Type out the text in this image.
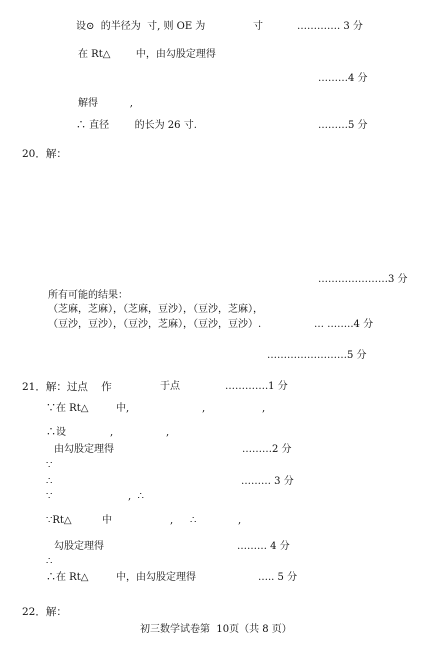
设⊙  的半径为  寸, 则 OE 为	寸	…………. 3 分
在 Rt△        中，由勾股定理得
………4 分
解得          ,
∴ 直径        的长为 26 寸.	………5 分
20．解：
…………………3 分
所有可能的结果：
（芝麻，芝麻），（芝麻，豆沙），（豆沙，芝麻），
（豆沙，豆沙），（豆沙，芝麻），（豆沙，豆沙）.	… ……..4 分
……………………5 分
21．解：过点    作	于点	………….1 分
∵在 Rt△	中,	,	,
∴设	,	,
由勾股定理得	………2 分
∵
∴	……… 3 分
∵	,  ∴
∵Rt△	中	, ∴	,
勾股定理得	……… 4 分
∴
∴在 Rt△	中，由勾股定理得	….. 5 分
22．解：
初三数学试卷第  10页（共 8 页）
